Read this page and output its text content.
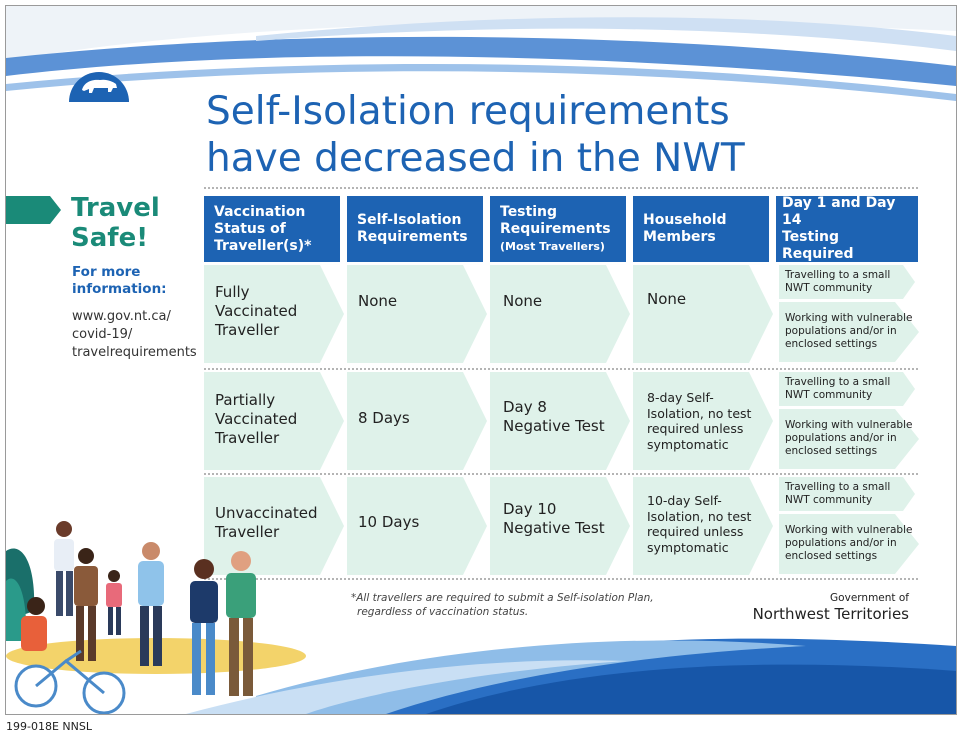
Self-Isolation requirements
have decreased in the NWT
Travel
Safe!
For more information:
www.gov.nt.ca/
covid-19/
travelrequirements
Vaccination
Status of
Traveller(s)*
Self-Isolation
Requirements
Testing
Requirements
(Most Travellers)
Household
Members
Day 1 and Day 14
Testing Required
Fully
Vaccinated
Traveller
None	None	None
Travelling to a small
NWT community
Working with vulnerable
populations and/or in
enclosed settings
Partially
Vaccinated
Traveller
8 Days
Day 8
Negative Test
8-day Self-
Isolation, no test
required unless
symptomatic
Travelling to a small
NWT community
Working with vulnerable
populations and/or in
enclosed settings
Unvaccinated
Traveller
10 Days
Day 10
Negative Test
10-day Self-
Isolation, no test
required unless
symptomatic
Travelling to a small
NWT community
Working with vulnerable
populations and/or in
enclosed settings
*All travellers are required to submit a Self-isolation Plan,
regardless of vaccination status.
Government of
Northwest Territories
199-018E NNSL
